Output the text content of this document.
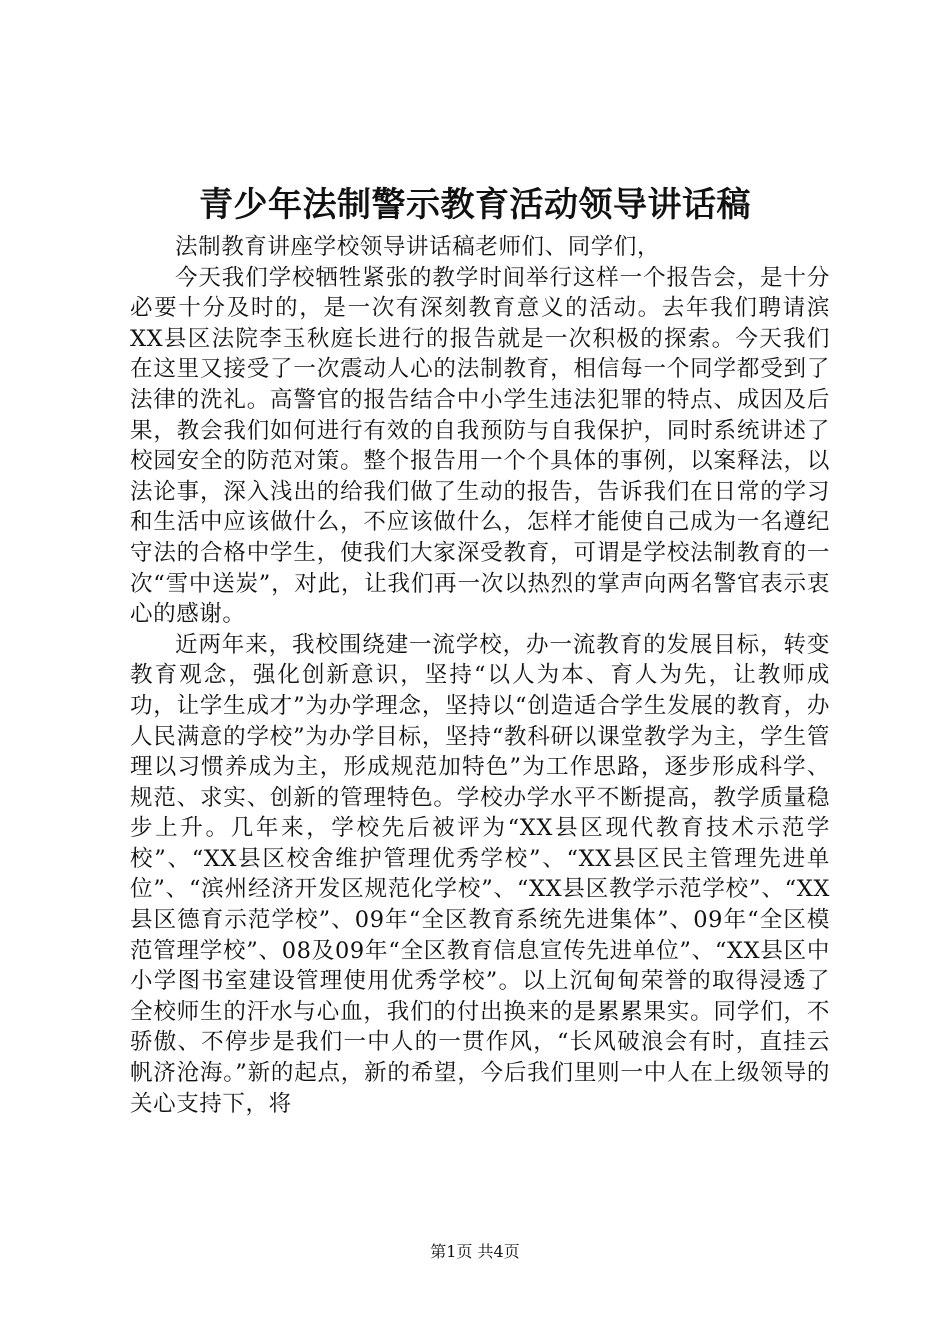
青少年法制警示教育活动领导讲话稿

法制教育讲座学校领导讲话稿老师们、同学们，

今天我们学校牺牲紧张的教学时间举行这样一个报告会，是十分必要十分及时的，是一次有深刻教育意义的活动。去年我们聘请滨XX县区法院李玉秋庭长进行的报告就是一次积极的探索。今天我们在这里又接受了一次震动人心的法制教育，相信每一个同学都受到了法律的洗礼。高警官的报告结合中小学生违法犯罪的特点、成因及后果，教会我们如何进行有效的自我预防与自我保护，同时系统讲述了校园安全的防范对策。整个报告用一个个具体的事例，以案释法，以法论事，深入浅出的给我们做了生动的报告，告诉我们在日常的学习和生活中应该做什么，不应该做什么，怎样才能使自己成为一名遵纪守法的合格中学生，使我们大家深受教育，可谓是学校法制教育的一次“雪中送炭”，对此，让我们再一次以热烈的掌声向两名警官表示衷心的感谢。

近两年来，我校围绕建一流学校，办一流教育的发展目标，转变教育观念，强化创新意识，坚持“以人为本、育人为先，让教师成功，让学生成才”为办学理念，坚持以“创造适合学生发展的教育，办人民满意的学校”为办学目标，坚持“教科研以课堂教学为主，学生管理以习惯养成为主，形成规范加特色”为工作思路，逐步形成科学、规范、求实、创新的管理特色。学校办学水平不断提高，教学质量稳步上升。几年来，学校先后被评为“XX县区现代教育技术示范学校”、“XX县区校舍维护管理优秀学校”、“XX县区民主管理先进单位”、“滨州经济开发区规范化学校”、“XX县区教学示范学校”、“XX县区德育示范学校”、09年“全区教育系统先进集体”、09年“全区模范管理学校”、08及09年“全区教育信息宣传先进单位”、“XX县区中小学图书室建设管理使用优秀学校”。以上沉甸甸荣誉的取得浸透了全校师生的汗水与心血，我们的付出换来的是累累果实。同学们，不骄傲、不停步是我们一中人的一贯作风，“长风破浪会有时，直挂云帆济沧海。”新的起点，新的希望，今后我们里则一中人在上级领导的关心支持下，将

第1页 共4页
